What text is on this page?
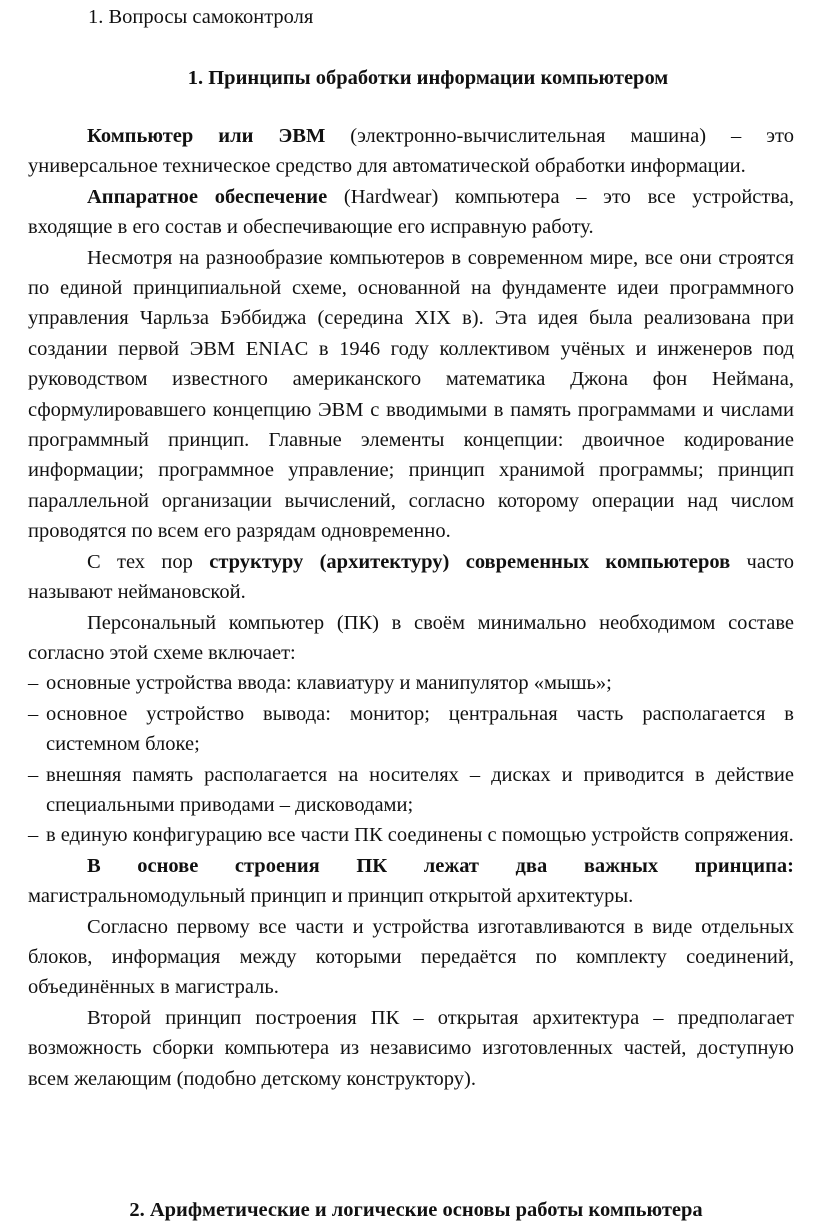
1. Вопросы самоконтроля
1. Принципы обработки информации компьютером

Компьютер или ЭВМ (электронно-вычислительная машина) – это универсальное техническое средство для автоматической обработки информации.

Аппаратное обеспечение (Hardwear) компьютера – это все устройства, входящие в его состав и обеспечивающие его исправную работу.

Несмотря на разнообразие компьютеров в современном мире, все они строятся по единой принципиальной схеме, основанной на фундаменте идеи программного управления Чарльза Бэббиджа (середина XIX в). Эта идея была реализована при создании первой ЭВМ ENIAC в 1946 году коллективом учёных и инженеров под руководством известного американского математика Джона фон Неймана, сформулировавшего концепцию ЭВМ с вводимыми в память программами и числами программный принцип. Главные элементы концепции: двоичное кодирование информации; программное управление; принцип хранимой программы; принцип параллельной организации вычислений, согласно которому операции над числом проводятся по всем его разрядам одновременно.

С тех пор структуру (архитектуру) современных компьютеров часто называют неймановской.

Персональный компьютер (ПК) в своём минимально необходимом составе согласно этой схеме включает:

– основные устройства ввода: клавиатуру и манипулятор «мышь»;
– основное устройство вывода: монитор; центральная часть располагается в системном блоке;
– внешняя память располагается на носителях – дисках и приводится в действие специальными приводами – дисководами;
– в единую конфигурацию все части ПК соединены с помощью устройств сопряжения.

В основе строения ПК лежат два важных принципа: магистральномодульный принцип и принцип открытой архитектуры.

Согласно первому все части и устройства изготавливаются в виде отдельных блоков, информация между которыми передаётся по комплекту соединений, объединённых в магистраль.

Второй принцип построения ПК – открытая архитектура – предполагает возможность сборки компьютера из независимо изготовленных частей, доступную всем желающим (подобно детскому конструктору).

2. Арифметические и логические основы работы компьютера
